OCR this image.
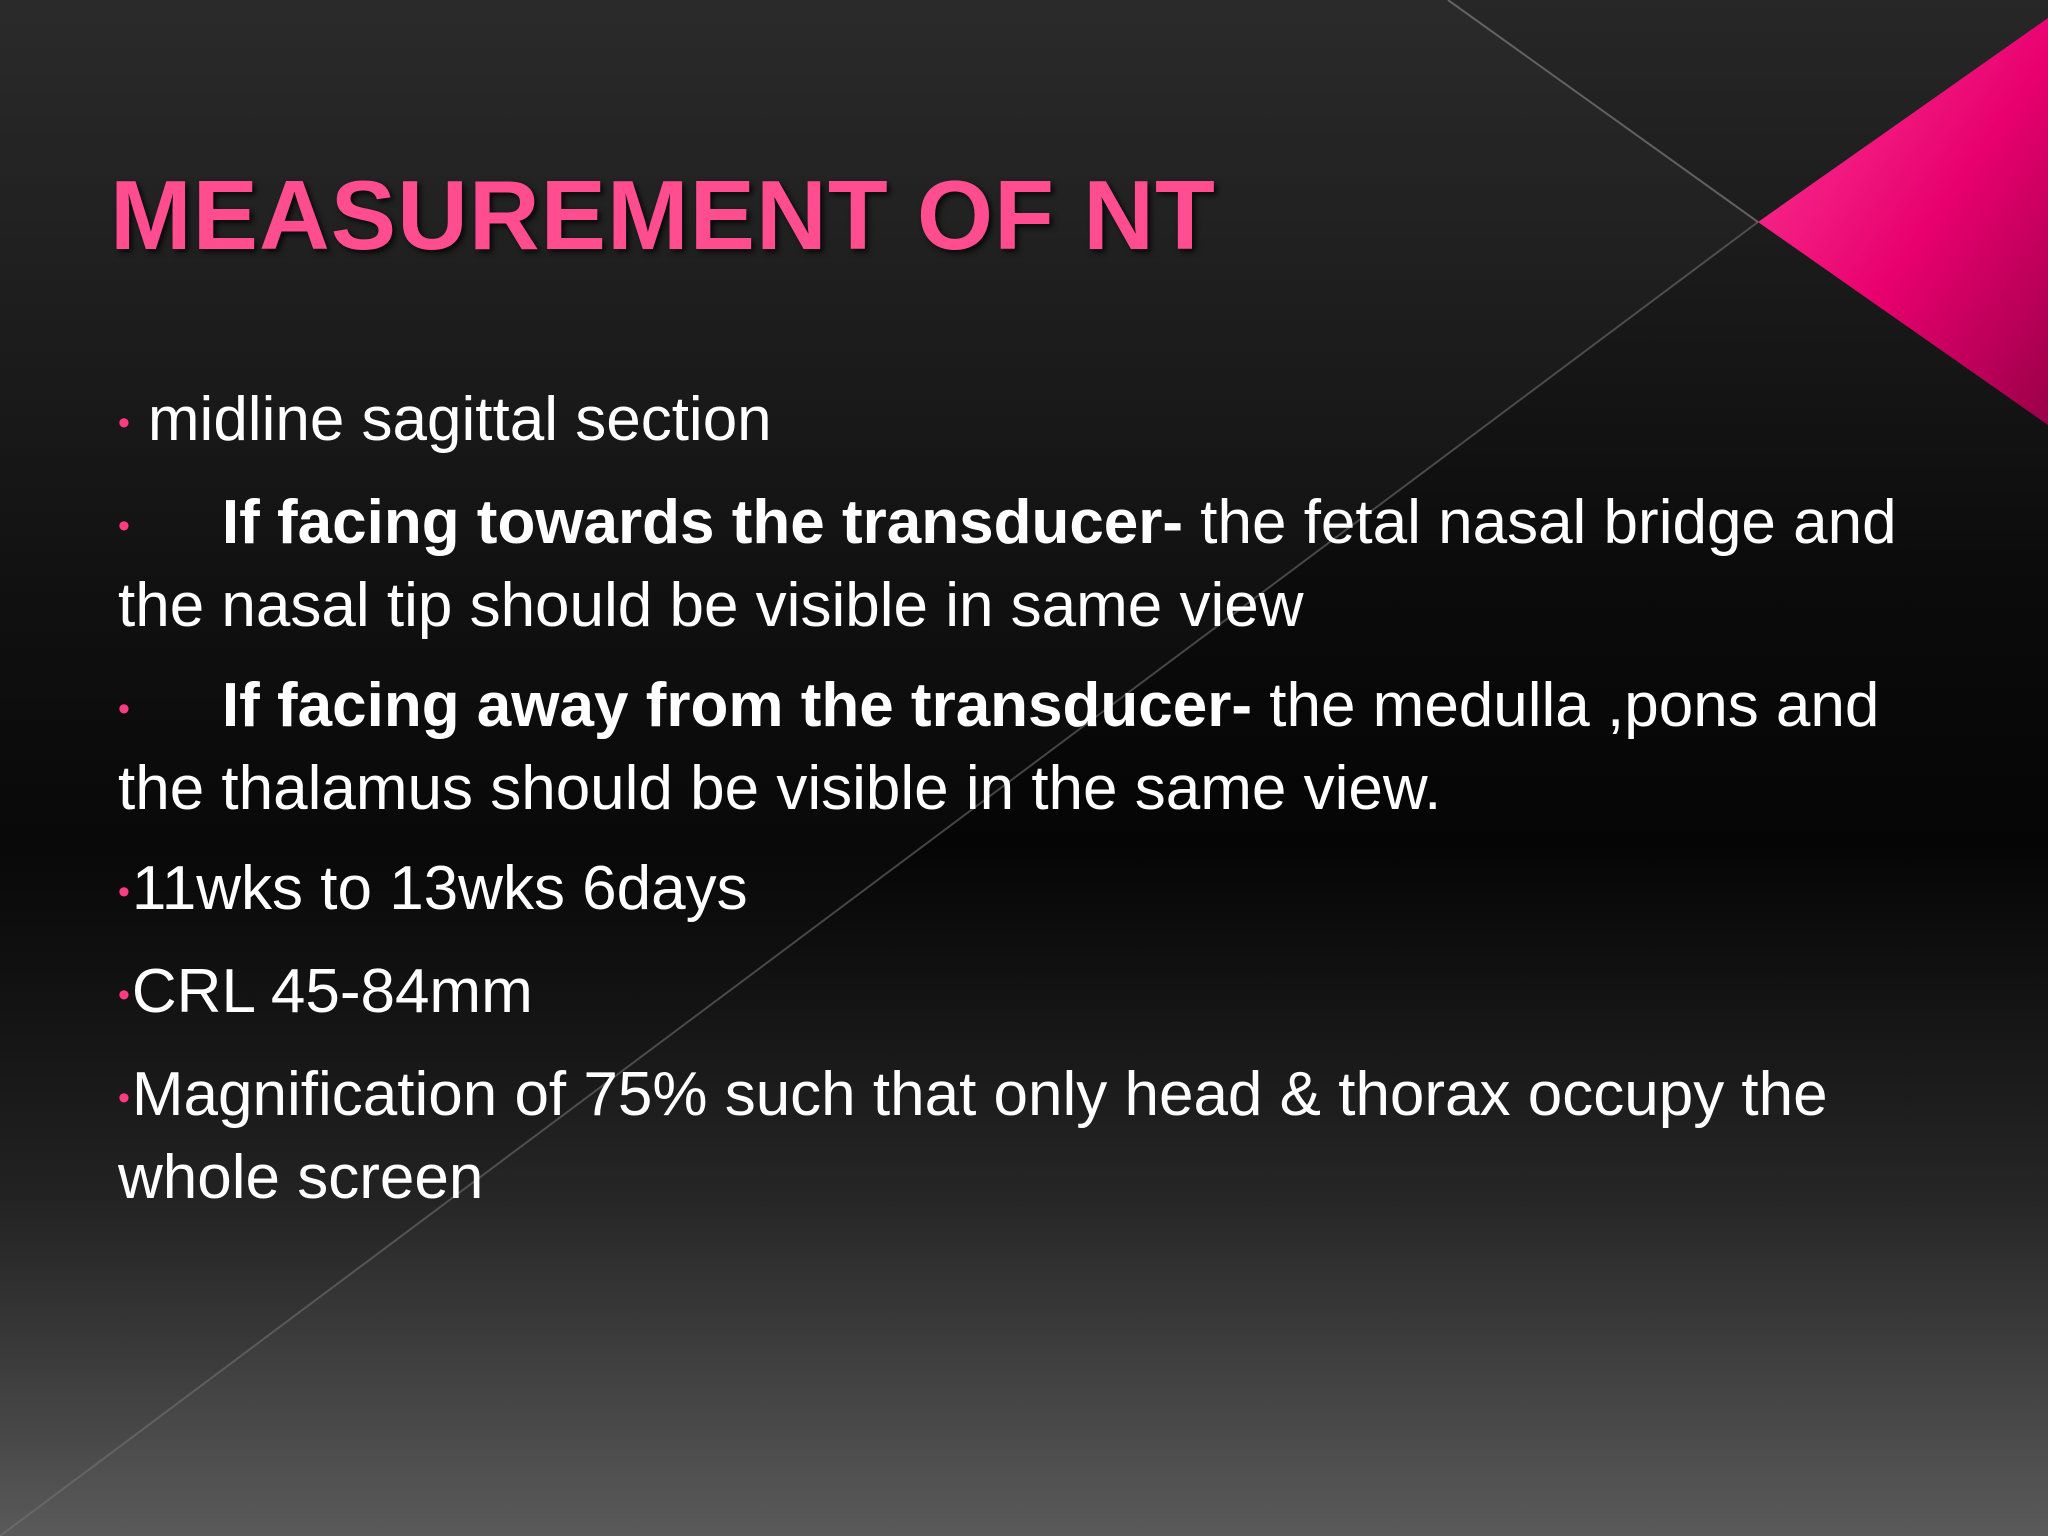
MEASUREMENT OF NT
• midline sagittal section
• If facing towards the transducer- the fetal nasal bridge and the nasal tip should be visible in same view
• If facing away from the transducer- the medulla ,pons and the thalamus should be visible in the same view.
•11wks to 13wks 6days
•CRL 45-84mm
•Magnification of 75% such that only head & thorax occupy the whole screen
